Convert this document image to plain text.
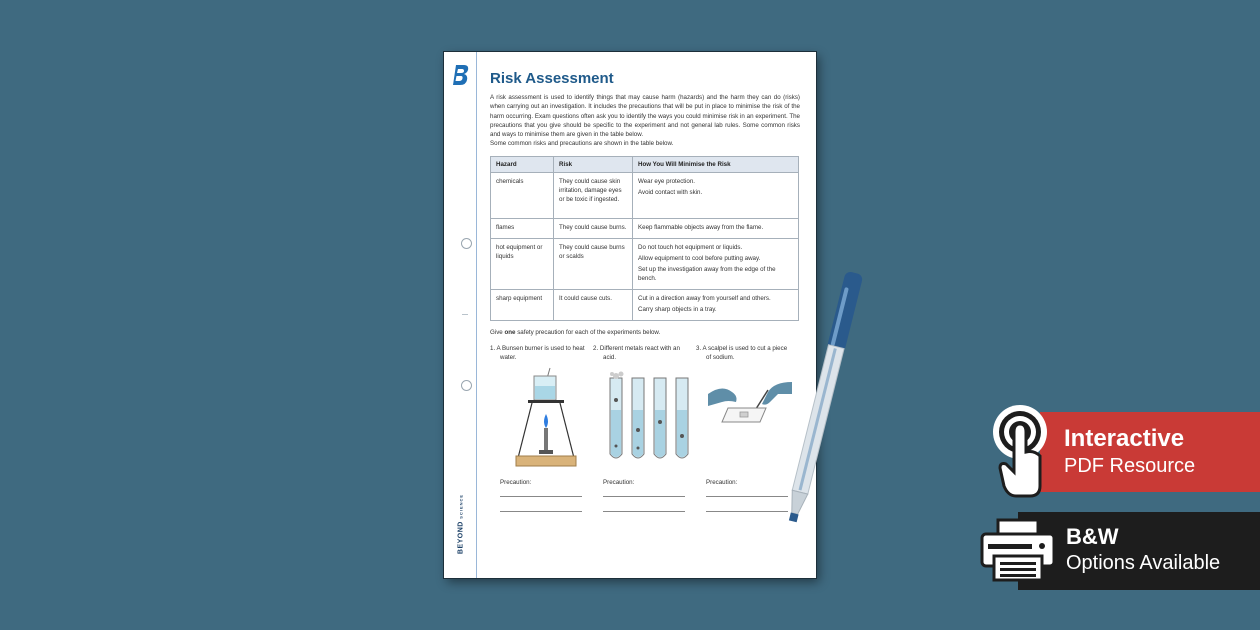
BEYOND SCIENCE
Risk Assessment

A risk assessment is used to identify things that may cause harm (hazards) and the harm they can do (risks) when carrying out an investigation. It includes the precautions that will be put in place to minimise the risk of the harm occurring. Exam questions often ask you to identify the ways you could minimise risk in an experiment. The precautions that you give should be specific to the experiment and not general lab rules. Some common risks and ways to minimise them are given in the table below.

Some common risks and precautions are shown in the table below.

Hazard	Risk	How You Will Minimise the Risk
chemicals	They could cause skin irritation, damage eyes or be toxic if ingested.	Wear eye protection.

Avoid contact with skin.

flames	They could cause burns.	Keep flammable objects away from the flame.

hot equipment or liquids	They could cause burns or scalds	Do not touch hot equipment or liquids.

Allow equipment to cool before putting away.

Set up the investigation away from the edge of the bench.

sharp equipment	It could cause cuts.	Cut in a direction away from yourself and others.

Carry sharp objects in a tray.

Give one safety precaution for each of the experiments below.

1. A Bunsen burner is used to heat water.

Precaution:

2. Different metals react with an acid.

Precaution:

3. A scalpel is used to cut a piece of sodium.

Precaution:
Interactive
PDF Resource
B&W
Options Available
